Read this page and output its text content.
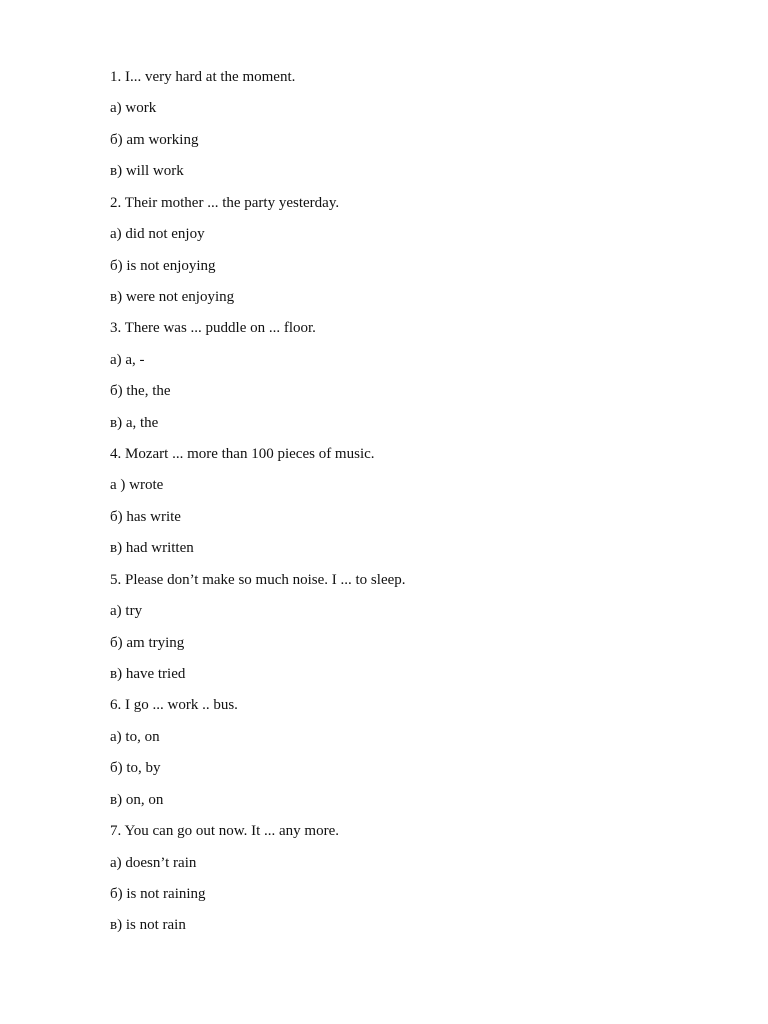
1. I... very hard at the moment.
а) work
б) am working
в) will work
2. Their mother ... the party yesterday.
а) did not enjoy
б) is not enjoying
в) were not enjoying
3. There was ... puddle on ... floor.
а) a, -
б) the, the
в) a, the
4. Mozart ... more than 100 pieces of music.
а ) wrote
б) has write
в) had written
5. Please don’t make so much noise. I ... to sleep.
а) try
б) am trying
в) have tried
6. I go ... work .. bus.
а) to, on
б) to, by
в) on, on
7. You can go out now. It ... any more.
а) doesn’t rain
б) is not raining
в) is not rain
